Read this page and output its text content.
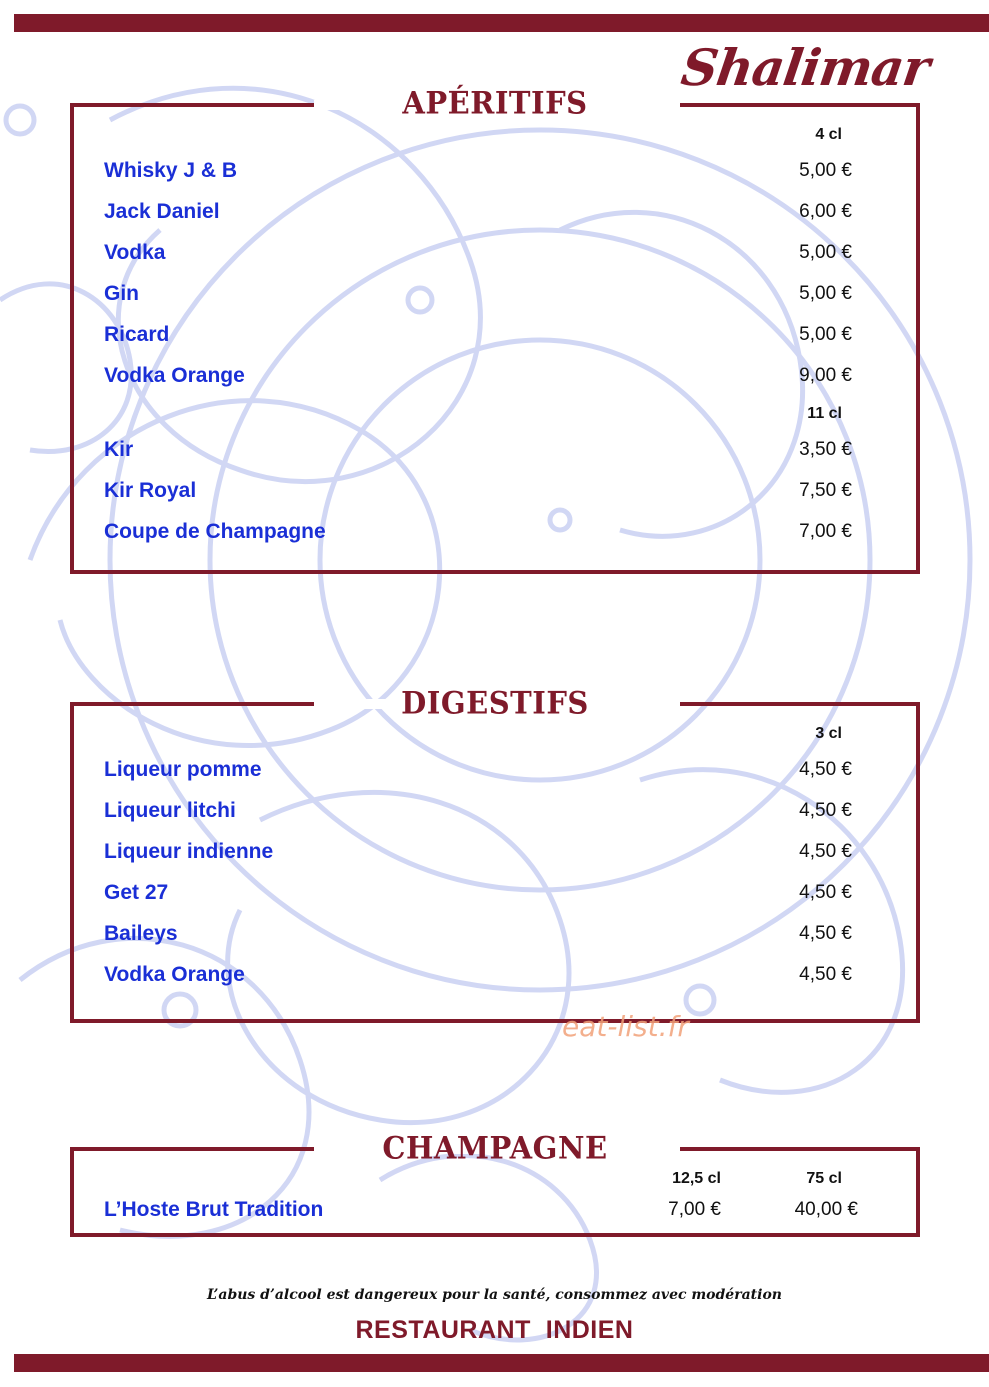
Shalimar
4 cl
Whisky J & B	5,00 €
Jack Daniel	6,00 €
Vodka	5,00 €
Gin	5,00 €
Ricard	5,00 €
Vodka Orange	9,00 €
11 cl
Kir	3,50 €
Kir Royal	7,50 €
Coupe de Champagne	7,00 €
APÉRITIFS
3 cl
Liqueur pomme	4,50 €
Liqueur litchi	4,50 €
Liqueur indienne	4,50 €
Get 27	4,50 €
Baileys	4,50 €
Vodka Orange	4,50 €
DIGESTIFS
12,5 cl	75 cl
L’Hoste Brut Tradition	7,00 €	40,00 €
CHAMPAGNE
eat-list.fr
L’abus d’alcool est dangereux pour la santé, consommez avec modération
RESTAURANT  INDIEN
